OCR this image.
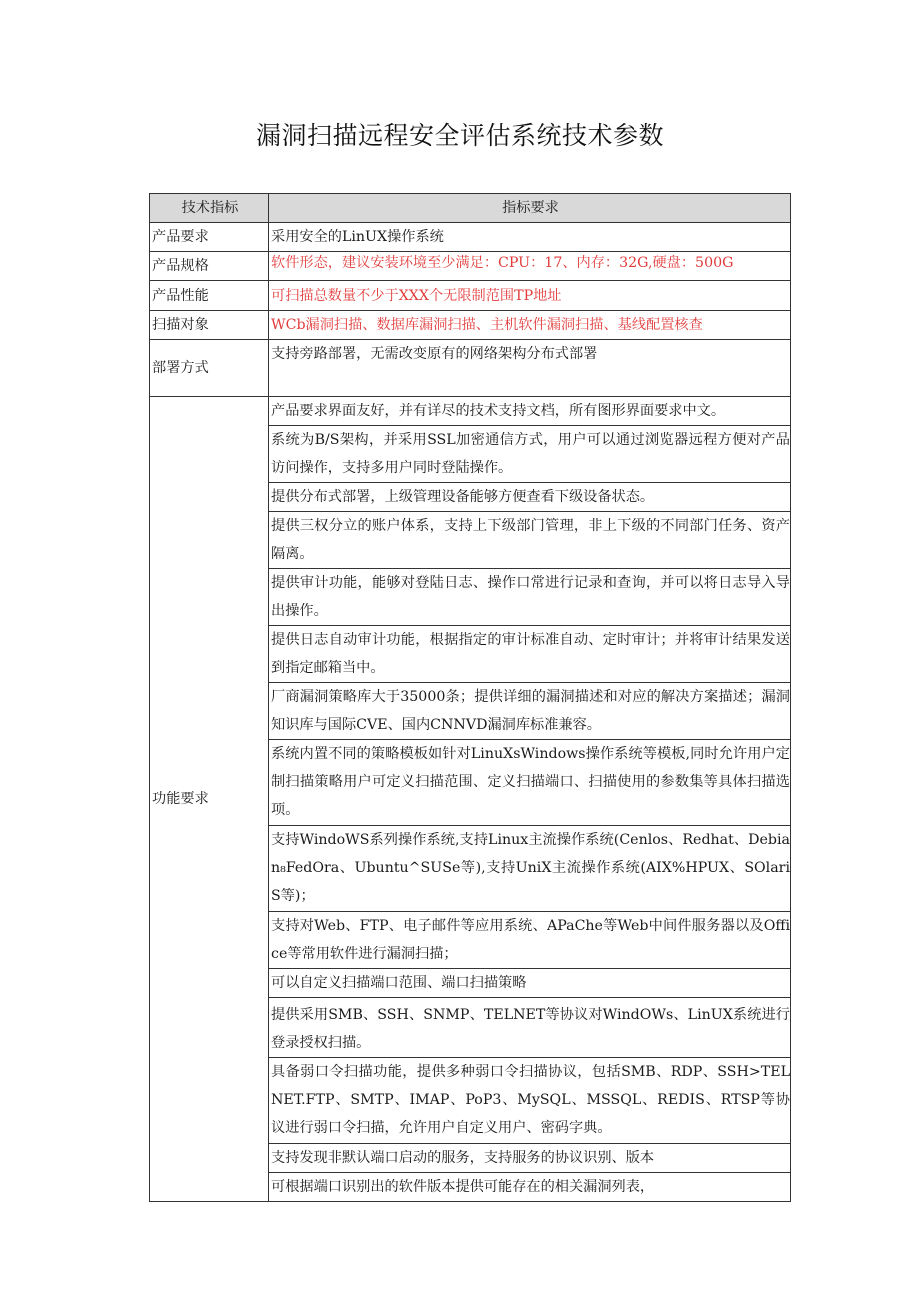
漏洞扫描远程安全评估系统技术参数
技术指标	指标要求
产品要求	采用安全的LinUX操作系统
产品规格	软件形态，建议安装环境至少满足：CPU：17、内存：32G,硬盘：500G
产品性能	可扫描总数量不少于XXX个无限制范围TP地址
扫描对象	WCb漏洞扫描、数据库漏洞扫描、主机软件漏洞扫描、基线配置核查
部署方式	支持旁路部署，无需改变原有的网络架构分布式部署
功能要求	产品要求界面友好，并有详尽的技术支持文档，所有图形界面要求中文。
	系统为B/S架构，并采用SSL加密通信方式，用户可以通过浏览器远程方便对产品访问操作，支持多用户同时登陆操作。
	提供分布式部署，上级管理设备能够方便查看下级设备状态。
	提供三权分立的账户体系，支持上下级部门管理，非上下级的不同部门任务、资产隔离。
	提供审计功能，能够对登陆日志、操作口常进行记录和查询，并可以将日志导入导出操作。
	提供日志自动审计功能，根据指定的审计标准自动、定时审计；并将审计结果发送到指定邮箱当中。
	厂商漏洞策略库大于35000条；提供详细的漏洞描述和对应的解决方案描述；漏洞知识库与国际CVE、国内CNNVD漏洞库标准兼容。
	系统内置不同的策略模板如针对LinuXsWindows操作系统等模板,同时允许用户定制扫描策略用户可定义扫描范围、定义扫描端口、扫描使用的参数集等具体扫描选项。
	支持WindoWS系列操作系统,支持Linux主流操作系统(Cenlos、Redhat、Debian₈FedOra、Ubuntu^SUSe等),支持UniX主流操作系统(AIX%HPUX、SOlariS等)；
	支持对Web、FTP、电子邮件等应用系统、APaChe等Web中间件服务器以及Office等常用软件进行漏洞扫描；
	可以自定义扫描端口范围、端口扫描策略
	提供采用SMB、SSH、SNMP、TELNET等协议对WindOWs、LinUX系统进行登录授权扫描。
	具备弱口令扫描功能，提供多种弱口令扫描协议，包括SMB、RDP、SSH>TELNET.FTP、SMTP、IMAP、PoP3、MySQL、MSSQL、REDIS、RTSP等协议进行弱口令扫描，允许用户自定义用户、密码字典。
	支持发现非默认端口启动的服务，支持服务的协议识别、版本
	可根据端口识别出的软件版本提供可能存在的相关漏洞列表，
